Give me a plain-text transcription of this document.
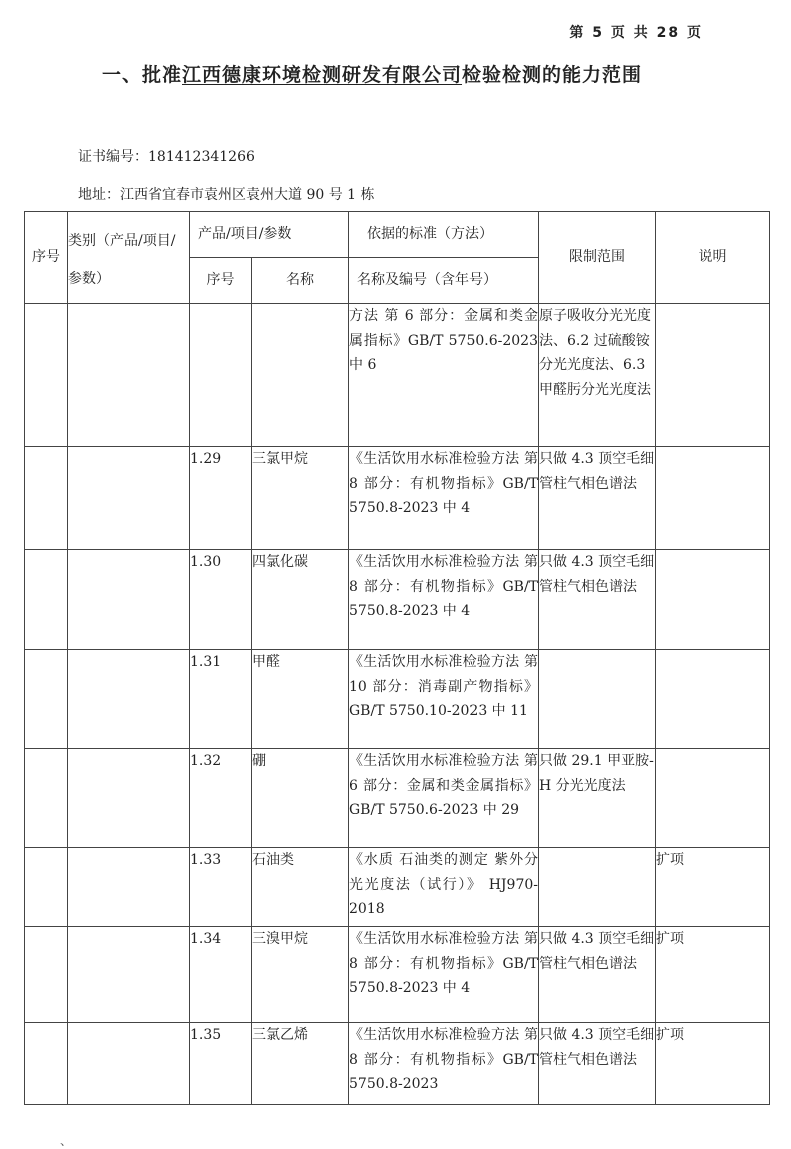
第 5 页 共 28 页
一、批准江西德康环境检测研发有限公司检验检测的能力范围
证书编号：181412341266
地址：江西省宜春市袁州区袁州大道 90 号 1 栋
序号	类别（产品/项目/参数）	产品/项目/参数		依据的标准（方法）	限制范围	说明
		序号	名称	名称及编号（含年号）		
				方法 第 6 部分：金属和类金属指标》GB/T 5750.6-2023 中 6	原子吸收分光光度法、6.2 过硫酸铵分光光度法、6.3 甲醛肟分光光度法	
		1.29	三氯甲烷	《生活饮用水标准检验方法 第 8 部分：有机物指标》GB/T 5750.8-2023 中 4	只做 4.3 顶空毛细管柱气相色谱法	
		1.30	四氯化碳	《生活饮用水标准检验方法 第 8 部分：有机物指标》GB/T 5750.8-2023 中 4	只做 4.3 顶空毛细管柱气相色谱法	
		1.31	甲醛	《生活饮用水标准检验方法 第 10 部分：消毒副产物指标》GB/T 5750.10-2023 中 11		
		1.32	硼	《生活饮用水标准检验方法 第 6 部分：金属和类金属指标》GB/T 5750.6-2023 中 29	只做 29.1 甲亚胺-H 分光光度法	
		1.33	石油类	《水质 石油类的测定 紫外分光光度法（试行）》 HJ970-2018		扩项
		1.34	三溴甲烷	《生活饮用水标准检验方法 第 8 部分：有机物指标》GB/T 5750.8-2023 中 4	只做 4.3 顶空毛细管柱气相色谱法	扩项
		1.35	三氯乙烯	《生活饮用水标准检验方法 第 8 部分：有机物指标》GB/T 5750.8-2023	只做 4.3 顶空毛细管柱气相色谱法	扩项
、
